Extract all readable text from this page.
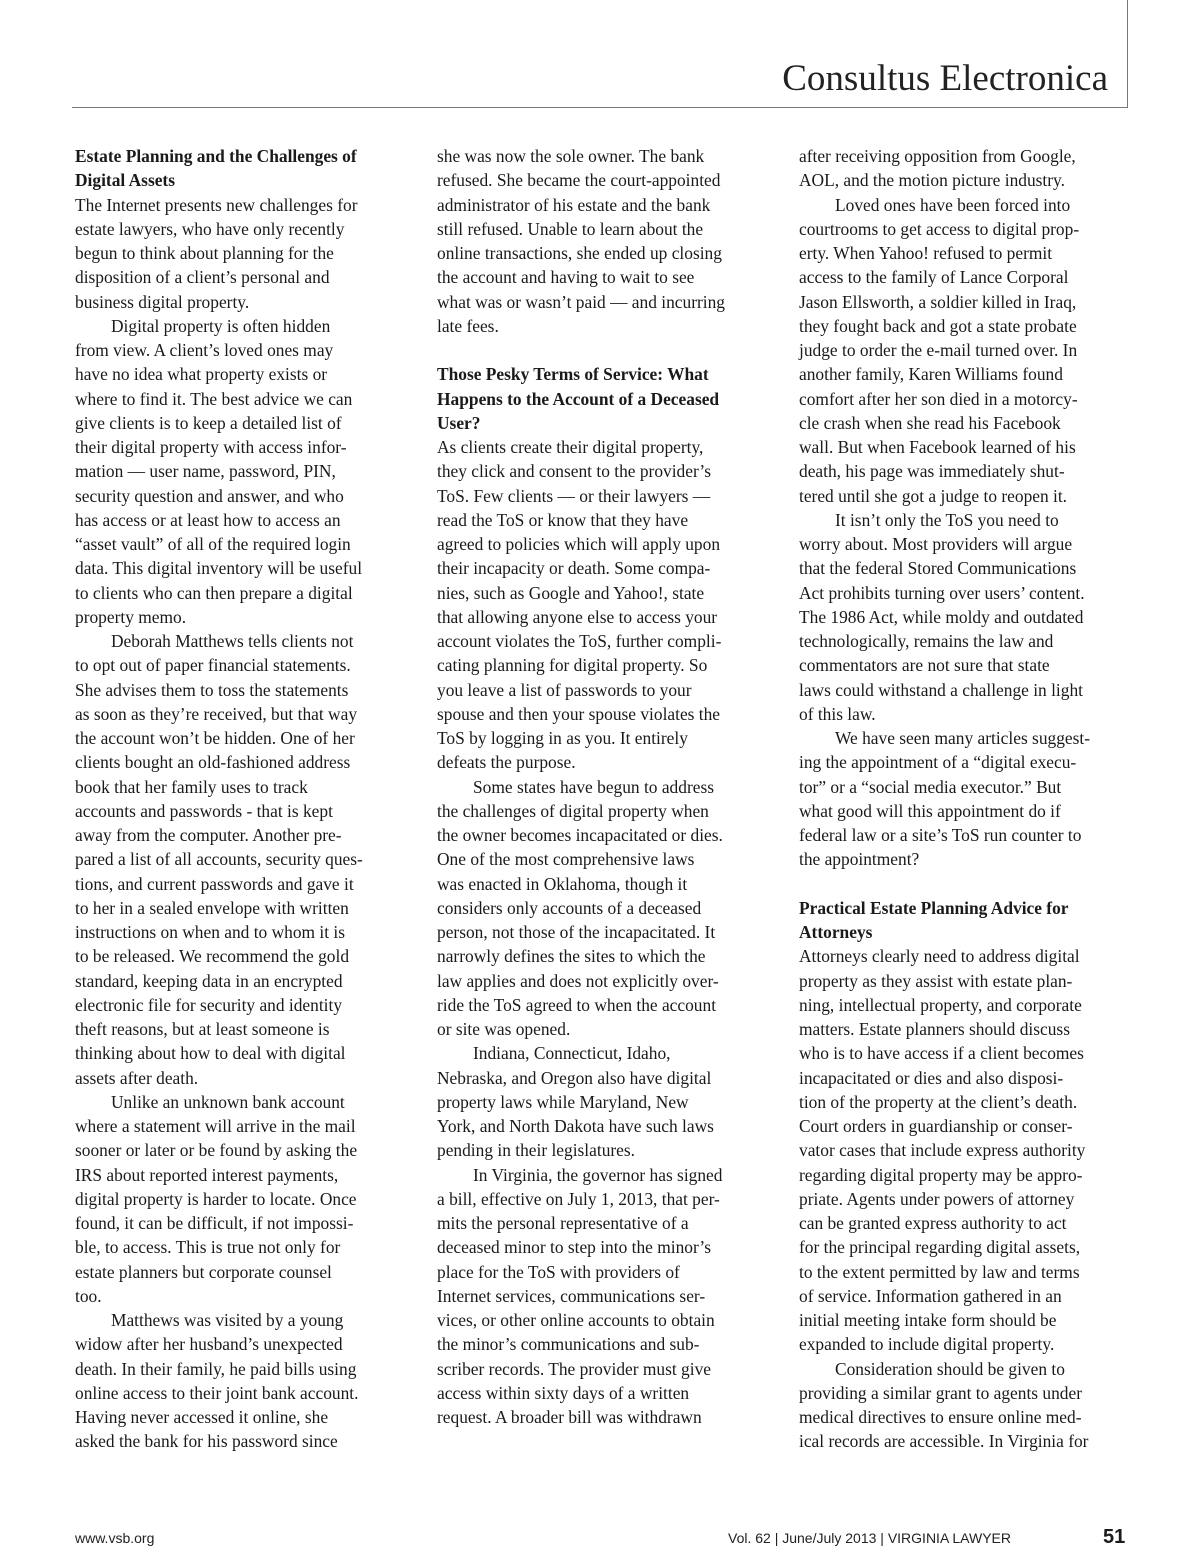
Consultus Electronica
Estate Planning and the Challenges of
Digital Assets

The Internet presents new challenges for

estate lawyers, who have only recently

begun to think about planning for the

disposition of a client’s personal and

business digital property.

Digital property is often hidden

from view. A client’s loved ones may

have no idea what property exists or

where to find it. The best advice we can

give clients is to keep a detailed list of

their digital property with access infor-

mation — user name, password, PIN,

security question and answer, and who

has access or at least how to access an

“asset vault” of all of the required login

data. This digital inventory will be useful

to clients who can then prepare a digital

property memo.

Deborah Matthews tells clients not

to opt out of paper financial statements.

She advises them to toss the statements

as soon as they’re received, but that way

the account won’t be hidden. One of her

clients bought an old-fashioned address

book that her family uses to track

accounts and passwords - that is kept

away from the computer. Another pre-

pared a list of all accounts, security ques-

tions, and current passwords and gave it

to her in a sealed envelope with written

instructions on when and to whom it is

to be released. We recommend the gold

standard, keeping data in an encrypted

electronic file for security and identity

theft reasons, but at least someone is

thinking about how to deal with digital

assets after death.

Unlike an unknown bank account

where a statement will arrive in the mail

sooner or later or be found by asking the

IRS about reported interest payments,

digital property is harder to locate. Once

found, it can be difficult, if not impossi-

ble, to access. This is true not only for

estate planners but corporate counsel

too.

Matthews was visited by a young

widow after her husband’s unexpected

death. In their family, he paid bills using

online access to their joint bank account.

Having never accessed it online, she

asked the bank for his password since

she was now the sole owner. The bank

refused. She became the court-appointed

administrator of his estate and the bank

still refused. Unable to learn about the

online transactions, she ended up closing

the account and having to wait to see

what was or wasn’t paid — and incurring

late fees.

Those Pesky Terms of Service: What
Happens to the Account of a Deceased
User?

As clients create their digital property,

they click and consent to the provider’s

ToS. Few clients — or their lawyers —

read the ToS or know that they have

agreed to policies which will apply upon

their incapacity or death. Some compa-

nies, such as Google and Yahoo!, state

that allowing anyone else to access your

account violates the ToS, further compli-

cating planning for digital property. So

you leave a list of passwords to your

spouse and then your spouse violates the

ToS by logging in as you. It entirely

defeats the purpose.

Some states have begun to address

the challenges of digital property when

the owner becomes incapacitated or dies.

One of the most comprehensive laws

was enacted in Oklahoma, though it

considers only accounts of a deceased

person, not those of the incapacitated. It

narrowly defines the sites to which the

law applies and does not explicitly over-

ride the ToS agreed to when the account

or site was opened.

Indiana, Connecticut, Idaho,

Nebraska, and Oregon also have digital

property laws while Maryland, New

York, and North Dakota have such laws

pending in their legislatures.

In Virginia, the governor has signed

a bill, effective on July 1, 2013, that per-

mits the personal representative of a

deceased minor to step into the minor’s

place for the ToS with providers of

Internet services, communications ser-

vices, or other online accounts to obtain

the minor’s communications and sub-

scriber records. The provider must give

access within sixty days of a written

request. A broader bill was withdrawn

after receiving opposition from Google,

AOL, and the motion picture industry.

Loved ones have been forced into

courtrooms to get access to digital prop-

erty. When Yahoo! refused to permit

access to the family of Lance Corporal

Jason Ellsworth, a soldier killed in Iraq,

they fought back and got a state probate

judge to order the e-mail turned over. In

another family, Karen Williams found

comfort after her son died in a motorcy-

cle crash when she read his Facebook

wall. But when Facebook learned of his

death, his page was immediately shut-

tered until she got a judge to reopen it.

It isn’t only the ToS you need to

worry about. Most providers will argue

that the federal Stored Communications

Act prohibits turning over users’ content.

The 1986 Act, while moldy and outdated

technologically, remains the law and

commentators are not sure that state

laws could withstand a challenge in light

of this law.

We have seen many articles suggest-

ing the appointment of a “digital execu-

tor” or a “social media executor.” But

what good will this appointment do if

federal law or a site’s ToS run counter to

the appointment?

Practical Estate Planning Advice for
Attorneys

Attorneys clearly need to address digital

property as they assist with estate plan-

ning, intellectual property, and corporate

matters. Estate planners should discuss

who is to have access if a client becomes

incapacitated or dies and also disposi-

tion of the property at the client’s death.

Court orders in guardianship or conser-

vator cases that include express authority

regarding digital property may be appro-

priate. Agents under powers of attorney

can be granted express authority to act

for the principal regarding digital assets,

to the extent permitted by law and terms

of service. Information gathered in an

initial meeting intake form should be

expanded to include digital property.

Consideration should be given to

providing a similar grant to agents under

medical directives to ensure online med-

ical records are accessible. In Virginia for

www.vsb.org	Vol. 62 | June/July 2013 | VIRGINIA LAWYER	51
